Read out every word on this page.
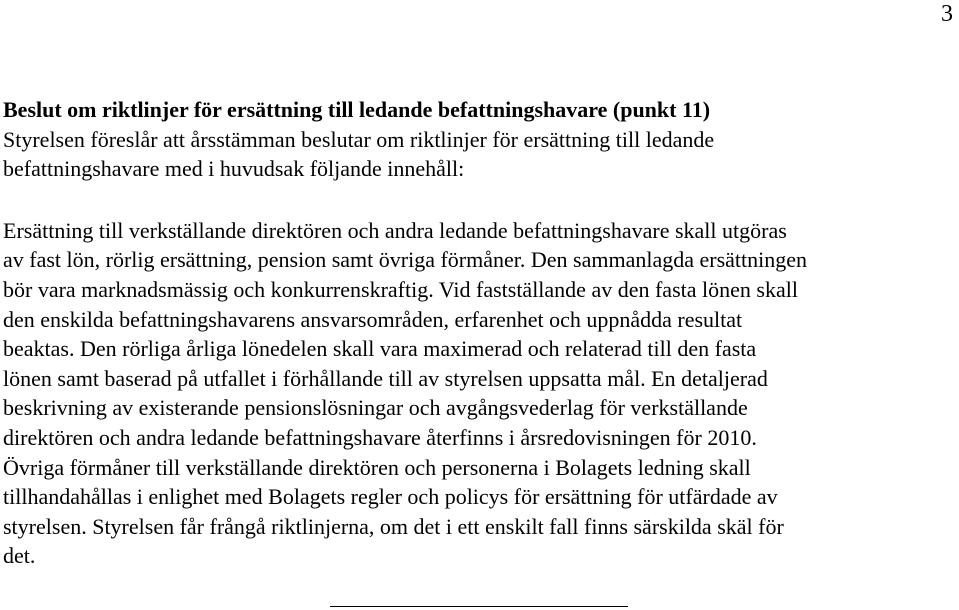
3
Beslut om riktlinjer för ersättning till ledande befattningshavare (punkt 11)
Styrelsen föreslår att årsstämman beslutar om riktlinjer för ersättning till ledande
befattningshavare med i huvudsak följande innehåll:
Ersättning till verkställande direktören och andra ledande befattningshavare skall utgöras
av fast lön, rörlig ersättning, pension samt övriga förmåner. Den sammanlagda ersättningen
bör vara marknadsmässig och konkurrenskraftig. Vid fastställande av den fasta lönen skall
den enskilda befattningshavarens ansvarsområden, erfarenhet och uppnådda resultat
beaktas. Den rörliga årliga lönedelen skall vara maximerad och relaterad till den fasta
lönen samt baserad på utfallet i förhållande till av styrelsen uppsatta mål. En detaljerad
beskrivning av existerande pensionslösningar och avgångsvederlag för verkställande
direktören och andra ledande befattningshavare återfinns i årsredovisningen för 2010.
Övriga förmåner till verkställande direktören och personerna i Bolagets ledning skall
tillhandahållas i enlighet med Bolagets regler och policys för ersättning för utfärdade av
styrelsen. Styrelsen får frångå riktlinjerna, om det i ett enskilt fall finns särskilda skäl för
det.
